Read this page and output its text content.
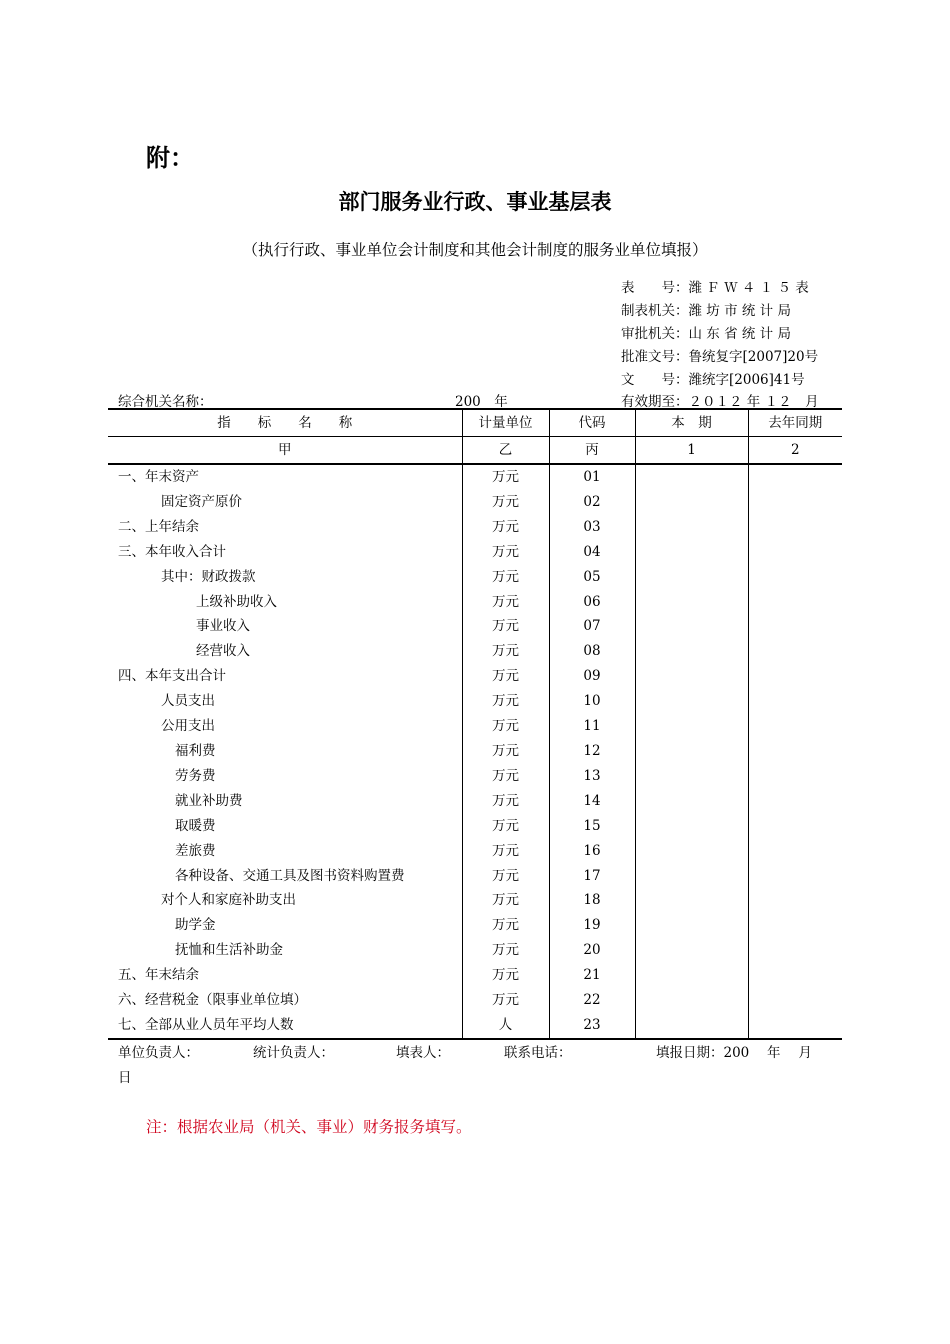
附：
部门服务业行政、事业基层表
（执行行政、事业单位会计制度和其他会计制度的服务业单位填报）
表　　号：潍 Ｆ Ｗ ４ １ ５ 表
制表机关：潍 坊 市 统 计 局
审批机关：山 东 省 统 计 局
批准文号：鲁统复字[2007]20号
文　　号：潍统字[2006]41号
综合机关名称：	200　年	有效期至：２０１２ 年 １２　月
指　　标　　名　　称	计量单位	代码	本　期	去年同期
甲	乙	丙	1	2
一、年末资产	万元	01		
固定资产原价	万元	02		
二、上年结余	万元	03		
三、本年收入合计	万元	04		
其中：财政拨款	万元	05		
上级补助收入	万元	06		
事业收入	万元	07		
经营收入	万元	08		
四、本年支出合计	万元	09		
人员支出	万元	10		
公用支出	万元	11		
福利费	万元	12		
劳务费	万元	13		
就业补助费	万元	14		
取暖费	万元	15		
差旅费	万元	16		
各种设备、交通工具及图书资料购置费	万元	17		
对个人和家庭补助支出	万元	18		
助学金	万元	19		
抚恤和生活补助金	万元	20		
五、年末结余	万元	21		
六、经营税金（限事业单位填）	万元	22		
七、全部从业人员年平均人数	人	23		
单位负责人：	统计负责人：	填表人：	联系电话：	填报日期：200　 年　 月
日
注：根据农业局（机关、事业）财务报务填写。
